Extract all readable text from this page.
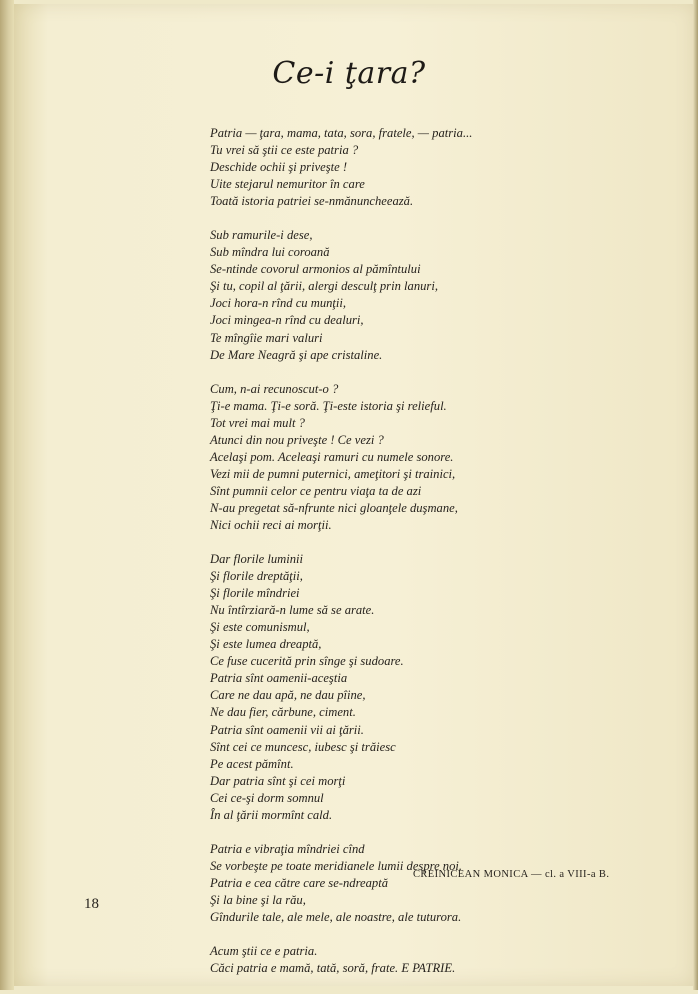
Ce-i ţara?
Patria — ţara, mama, tata, sora, fratele, — patria...
Tu vrei să ştii ce este patria ?
Deschide ochii şi priveşte !
Uite stejarul nemuritor în care
Toată istoria patriei se-nmănuncheează.
Sub ramurile-i dese,
Sub mîndra lui coroană
Se-ntinde covorul armonios al pămîntului
Şi tu, copil al ţării, alergi desculţ prin lanuri,
Joci hora-n rînd cu munţii,
Joci mingea-n rînd cu dealuri,
Te mîngîie mari valuri
De Mare Neagră şi ape cristaline.
Cum, n-ai recunoscut-o ?
Ţi-e mama. Ţi-e soră. Ţi-este istoria şi relieful.
Tot vrei mai mult ?
Atunci din nou priveşte ! Ce vezi ?
Acelaşi pom. Aceleaşi ramuri cu numele sonore.
Vezi mii de pumni puternici, ameţitori şi trainici,
Sînt pumnii celor ce pentru viaţa ta de azi
N-au pregetat să-nfrunte nici gloanţele duşmane,
Nici ochii reci ai morţii.
Dar florile luminii
Şi florile dreptăţii,
Şi florile mîndriei
Nu întîrziară-n lume să se arate.
Şi este comunismul,
Şi este lumea dreaptă,
Ce fuse cucerită prin sînge şi sudoare.
Patria sînt oamenii-aceştia
Care ne dau apă, ne dau pîine,
Ne dau fier, cărbune, ciment.
Patria sînt oamenii vii ai ţării.
Sînt cei ce muncesc, iubesc şi trăiesc
Pe acest pămînt.
Dar patria sînt şi cei morţi
Cei ce-şi dorm somnul
În al ţării mormînt cald.
Patria e vibraţia mîndriei cînd
Se vorbeşte pe toate meridianele lumii despre noi.
Patria e cea către care se-ndreaptă
Şi la bine şi la rău,
Gîndurile tale, ale mele, ale noastre, ale tuturora.
Acum ştii ce e patria.
Căci patria e mamă, tată, soră, frate. E PATRIE.
CREINICEAN MONICA — cl. a VIII-a B.
18
